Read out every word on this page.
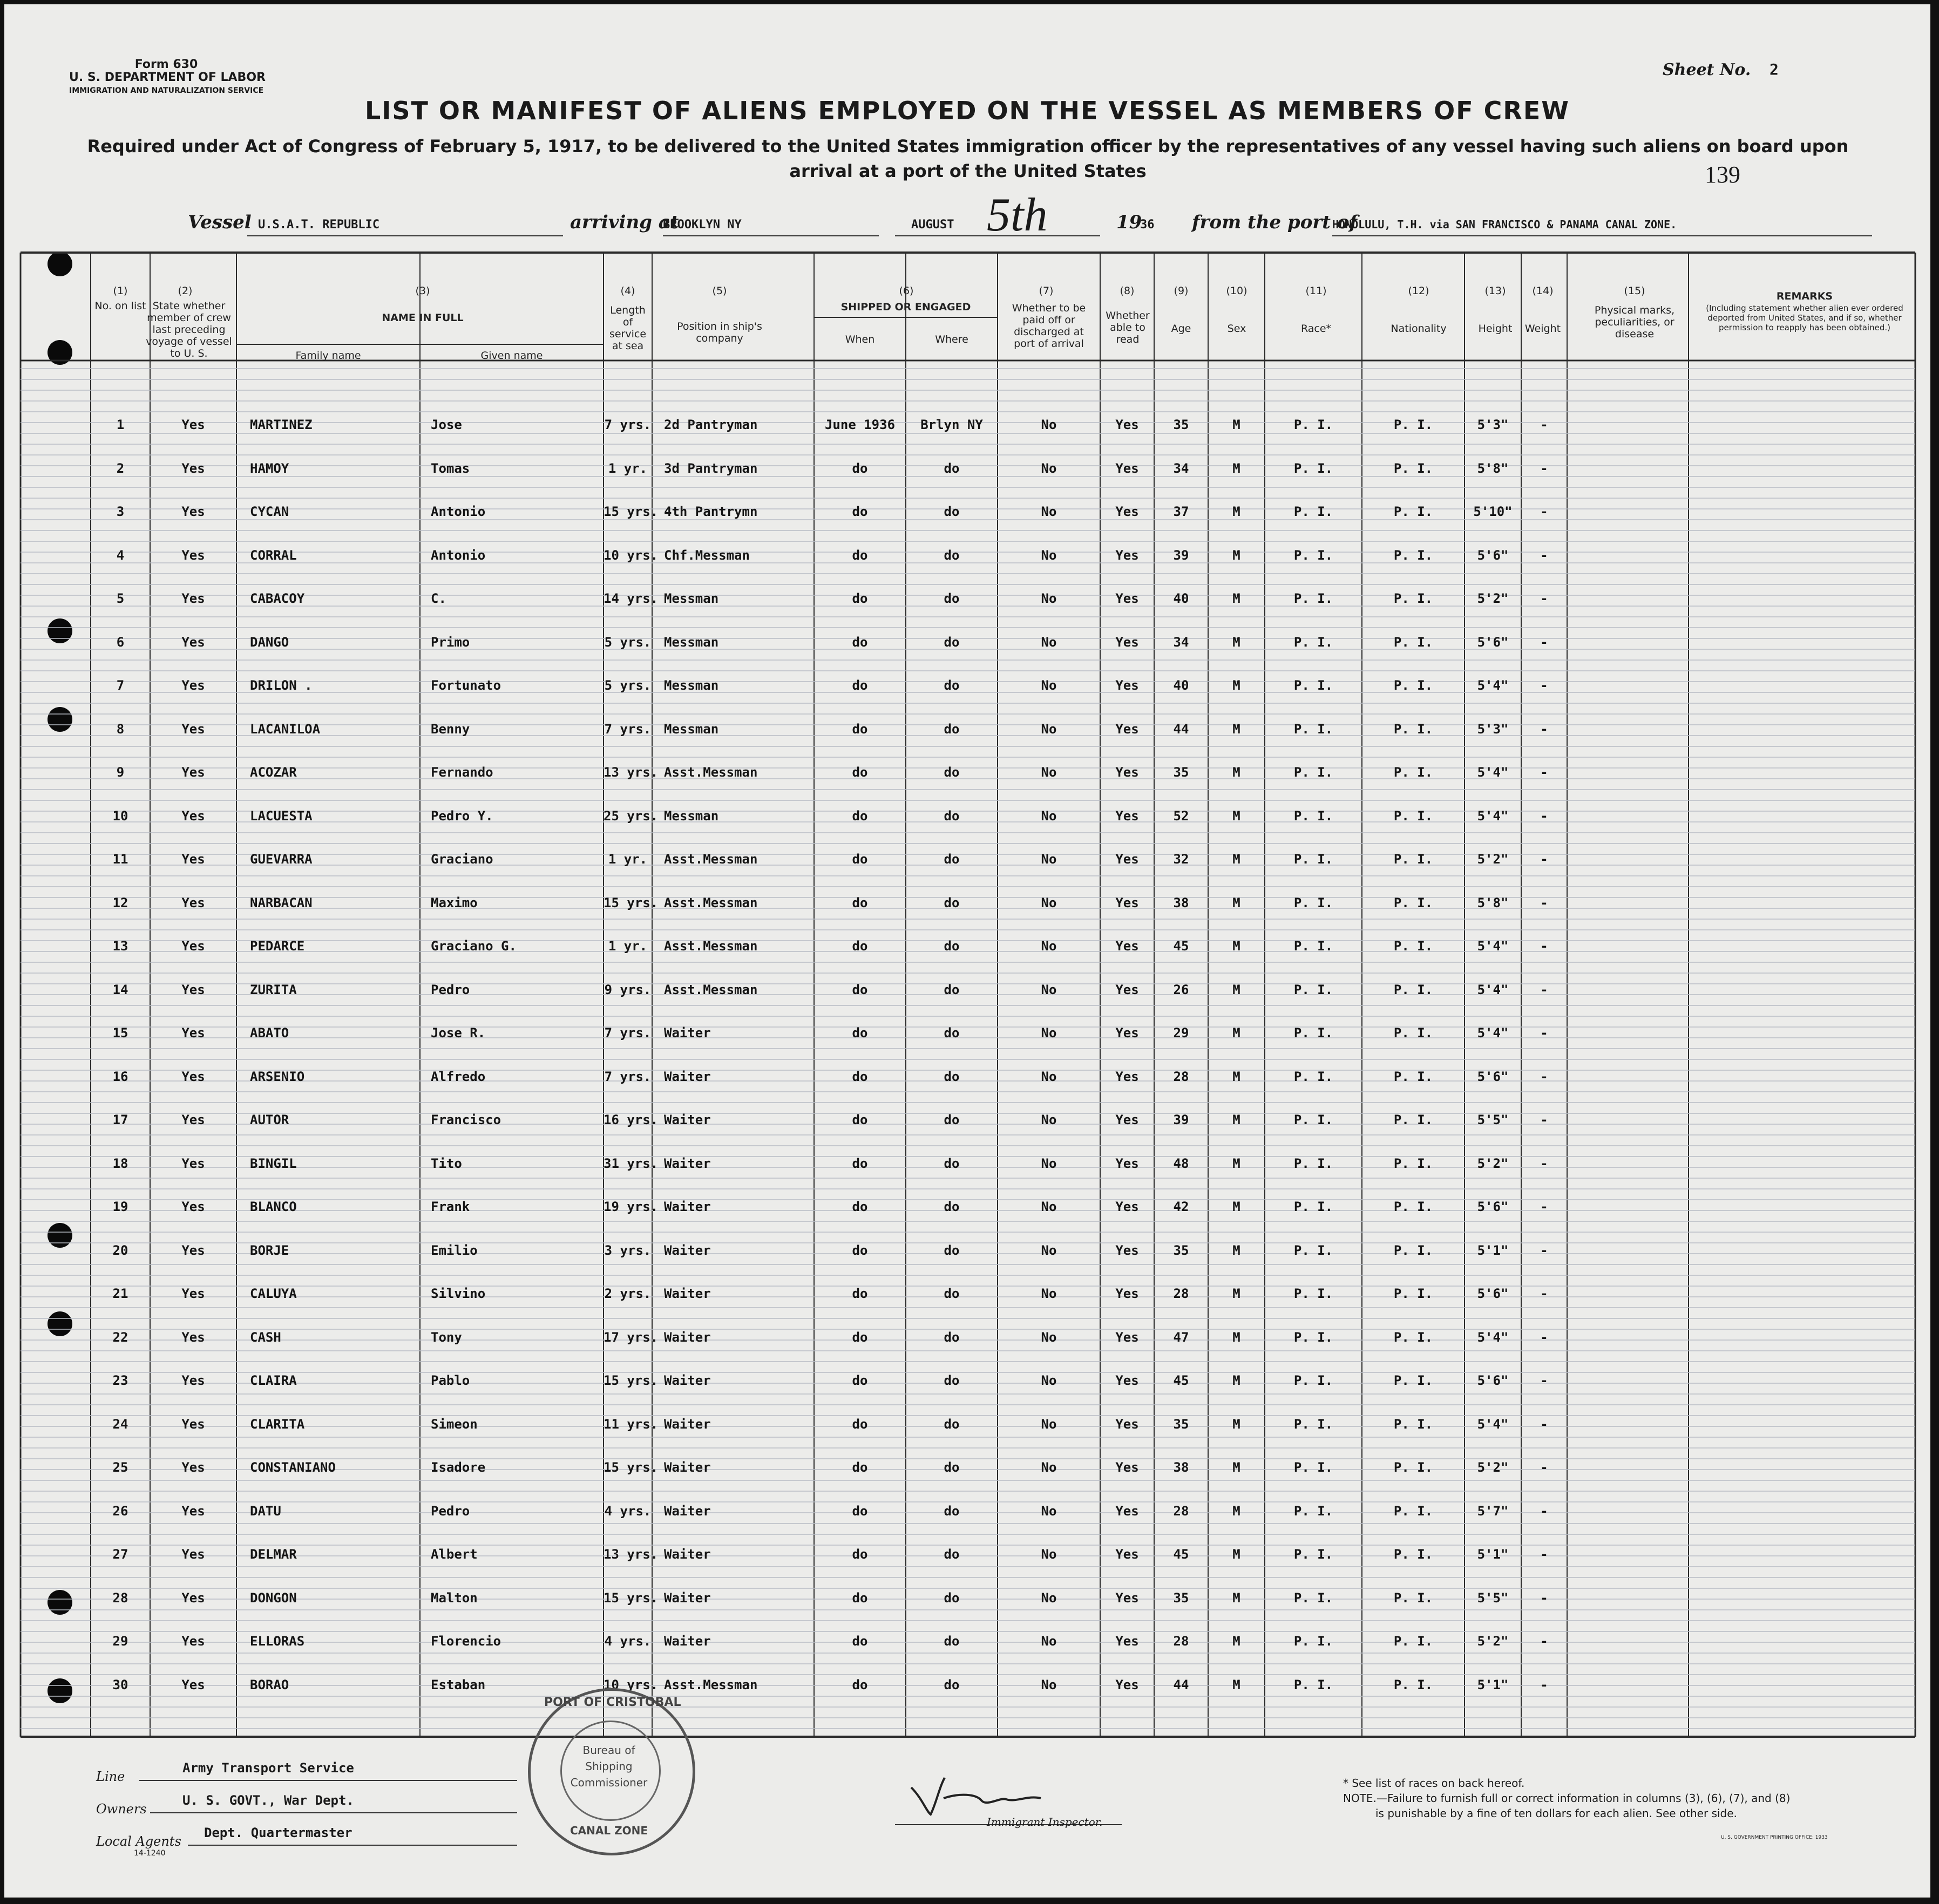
Form 630
U. S. DEPARTMENT OF LABOR
IMMIGRATION AND NATURALIZATION SERVICE
Sheet No. 2
LIST OR MANIFEST OF ALIENS EMPLOYED ON THE VESSEL AS MEMBERS OF CREW
Required under Act of Congress of February 5, 1917, to be delivered to the United States immigration officer by the representatives of any vessel having such aliens on board upon arrival at a port of the United States	139
Vessel U.S.A.T. REPUBLIC	arriving at
BROOKLYN NY	AUGUST 5th	19
36 from the port of
HONOLULU, T.H. via SAN FRANCISCO & PANAMA CANAL ZONE.
(1)
No. on list
(2)
State whether member of crew last preceding voyage of vessel to U. S.
(3)
NAME IN FULL
Family name	Given name
(4)
Length of service at sea
(5)
Position in ship's company
(6)
SHIPPED OR ENGAGED
When	Where
(7)
Whether to be paid off or discharged at port of arrival
(8)
Whether able to read
(9)
Age
(10)
Sex
(11)
Race*
(12)
Nationality
(13)
Height
(14)
Weight
(15)
Physical marks, peculiarities, or disease
REMARKS
(Including statement whether alien ever ordered deported from United States, and if so, whether permission to reapply has been obtained.)
1	Yes	MARTINEZ	Jose	7 yrs. 2d Pantryman	June 1936	Brlyn NY	No	Yes	35	M	P. I.	P. I.	5'3"	-
2	Yes	HAMOY	Tomas	1 yr.	3d Pantryman	do	do	No	Yes	34	M	P. I.	P. I.	5'8"	-
3	Yes	CYCAN	Antonio	15 yrs. 4th Pantrymn	do	do	No	Yes	37	M	P. I.	P. I.	5'10"	-
4	Yes	CORRAL	Antonio	10 yrs. Chf.Messman	do	do	No	Yes	39	M	P. I.	P. I.	5'6"	-
5	Yes	CABACOY	C.	14 yrs. Messman	do	do	No	Yes	40	M	P. I.	P. I.	5'2"	-
6	Yes	DANGO	Primo	5 yrs. Messman	do	do	No	Yes	34	M	P. I.	P. I.	5'6"	-
7	Yes	DRILON .	Fortunato	5 yrs. Messman	do	do	No	Yes	40	M	P. I.	P. I.	5'4"	-
8	Yes	LACANILOA	Benny	7 yrs. Messman	do	do	No	Yes	44	M	P. I.	P. I.	5'3"	-
9	Yes	ACOZAR	Fernando	13 yrs. Asst.Messman	do	do	No	Yes	35	M	P. I.	P. I.	5'4"	-
10	Yes	LACUESTA	Pedro Y.	25 yrs. Messman	do	do	No	Yes	52	M	P. I.	P. I.	5'4"	-
11	Yes	GUEVARRA	Graciano	1 yr.	Asst.Messman	do	do	No	Yes	32	M	P. I.	P. I.	5'2"	-
12	Yes	NARBACAN	Maximo	15 yrs. Asst.Messman	do	do	No	Yes	38	M	P. I.	P. I.	5'8"	-
13	Yes	PEDARCE	Graciano G.	1 yr.	Asst.Messman	do	do	No	Yes	45	M	P. I.	P. I.	5'4"	-
14	Yes	ZURITA	Pedro	9 yrs. Asst.Messman	do	do	No	Yes	26	M	P. I.	P. I.	5'4"	-
15	Yes	ABATO	Jose R.	7 yrs. Waiter	do	do	No	Yes	29	M	P. I.	P. I.	5'4"	-
16	Yes	ARSENIO	Alfredo	7 yrs. Waiter	do	do	No	Yes	28	M	P. I.	P. I.	5'6"	-
17	Yes	AUTOR	Francisco	16 yrs. Waiter	do	do	No	Yes	39	M	P. I.	P. I.	5'5"	-
18	Yes	BINGIL	Tito	31 yrs. Waiter	do	do	No	Yes	48	M	P. I.	P. I.	5'2"	-
19	Yes	BLANCO	Frank	19 yrs. Waiter	do	do	No	Yes	42	M	P. I.	P. I.	5'6"	-
20	Yes	BORJE	Emilio	3 yrs. Waiter	do	do	No	Yes	35	M	P. I.	P. I.	5'1"	-
21	Yes	CALUYA	Silvino	2 yrs. Waiter	do	do	No	Yes	28	M	P. I.	P. I.	5'6"	-
22	Yes	CASH	Tony	17 yrs. Waiter	do	do	No	Yes	47	M	P. I.	P. I.	5'4"	-
23	Yes	CLAIRA	Pablo	15 yrs. Waiter	do	do	No	Yes	45	M	P. I.	P. I.	5'6"	-
24	Yes	CLARITA	Simeon	11 yrs. Waiter	do	do	No	Yes	35	M	P. I.	P. I.	5'4"	-
25	Yes	CONSTANIANO	Isadore	15 yrs. Waiter	do	do	No	Yes	38	M	P. I.	P. I.	5'2"	-
26	Yes	DATU	Pedro	4 yrs. Waiter	do	do	No	Yes	28	M	P. I.	P. I.	5'7"	-
27	Yes	DELMAR	Albert	13 yrs. Waiter	do	do	No	Yes	45	M	P. I.	P. I.	5'1"	-
28	Yes	DONGON	Malton	15 yrs. Waiter	do	do	No	Yes	35	M	P. I.	P. I.	5'5"	-
29	Yes	ELLORAS	Florencio	4 yrs. Waiter	do	do	No	Yes	28	M	P. I.	P. I.	5'2"	-
30	Yes	BORAO	Estaban	10 yrs. Asst.Messman	do	do	No	Yes	44	M	P. I.	P. I.	5'1"	-
PORT OF CRISTOBAL
Bureau of
Shipping
Commissioner
CANAL ZONE
Line
Army Transport Service
Owners
U. S. GOVT., War Dept.
Local Agents
Dept. Quartermaster
14-1240
Immigrant Inspector.
* See list of races on back hereof.
NOTE.—Failure to furnish full or correct information in columns (3), (6), (7), and (8)
is punishable by a fine of ten dollars for each alien. See other side.
U. S. GOVERNMENT PRINTING OFFICE: 1933
